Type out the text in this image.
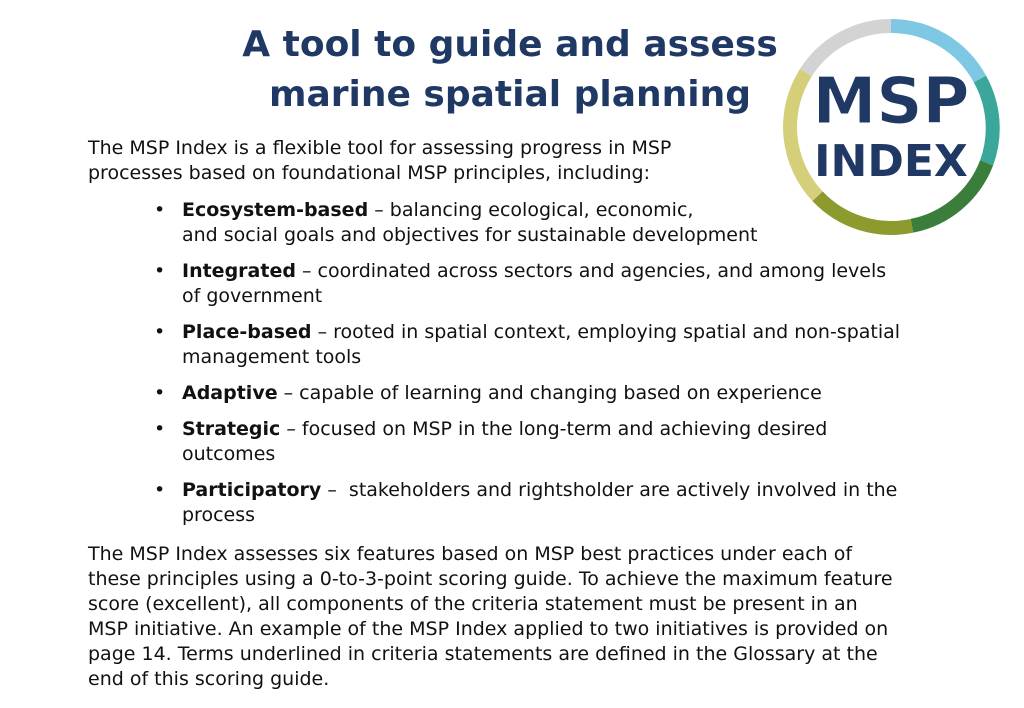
A tool to guide and assess
marine spatial planning MSP
INDEX

The MSP Index is a flexible tool for assessing progress in MSP
processes based on foundational MSP principles, including:

• Ecosystem-based – balancing ecological, economic,
and social goals and objectives for sustainable development
• Integrated – coordinated across sectors and agencies, and among levels
of government
• Place-based – rooted in spatial context, employing spatial and non-spatial
management tools
• Adaptive – capable of learning and changing based on experience
• Strategic – focused on MSP in the long-term and achieving desired
outcomes
• Participatory –  stakeholders and rightsholder are actively involved in the
process

The MSP Index assesses six features based on MSP best practices under each of
these principles using a 0-to-3-point scoring guide. To achieve the maximum feature
score (excellent), all components of the criteria statement must be present in an
MSP initiative. An example of the MSP Index applied to two initiatives is provided on
page 14. Terms underlined in criteria statements are defined in the Glossary at the
end of this scoring guide.
